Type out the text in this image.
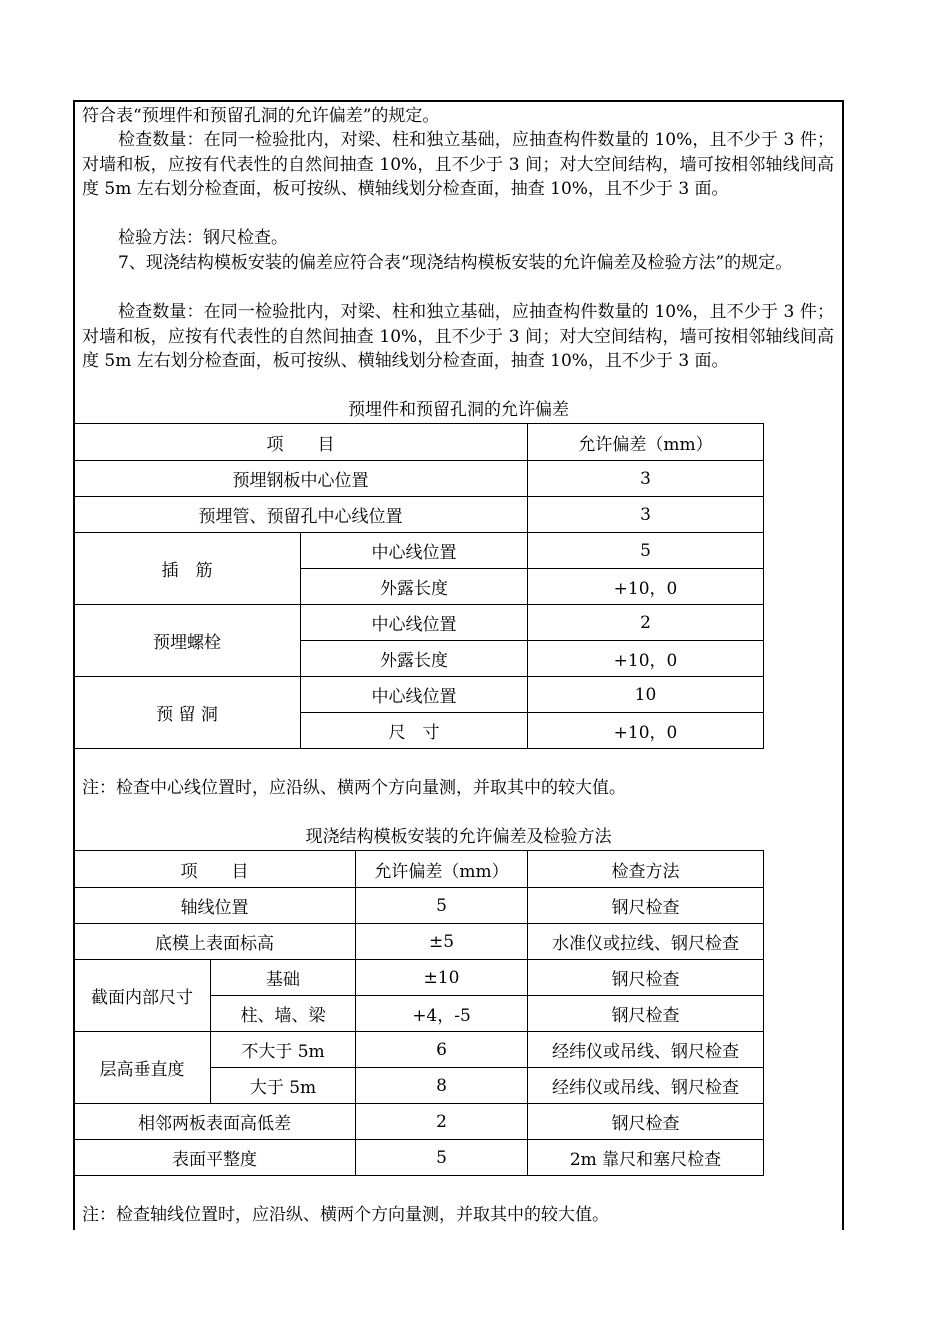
符合表“预埋件和预留孔洞的允许偏差”的规定。

检查数量：在同一检验批内，对梁、柱和独立基础，应抽查构件数量的 10%，且不少于 3 件；对墙和板，应按有代表性的自然间抽查 10%，且不少于 3 间；对大空间结构，墙可按相邻轴线间高度 5m 左右划分检查面，板可按纵、横轴线划分检查面，抽查 10%，且不少于 3 面。

检验方法：钢尺检查。

7、现浇结构模板安装的偏差应符合表“现浇结构模板安装的允许偏差及检验方法”的规定。

检查数量：在同一检验批内，对梁、柱和独立基础，应抽查构件数量的 10%，且不少于 3 件；对墙和板，应按有代表性的自然间抽查 10%，且不少于 3 间；对大空间结构，墙可按相邻轴线间高度 5m 左右划分检查面，板可按纵、横轴线划分检查面，抽查 10%，且不少于 3 面。

预埋件和预留孔洞的允许偏差
项　　目		允许偏差（mm）
预埋钢板中心位置		3
预埋管、预留孔中心线位置		3
插　筋	中心线位置	5
	外露长度	+10，0
预埋螺栓	中心线位置	2
	外露长度	+10，0
预 留 洞	中心线位置	10
	尺　寸	+10，0
注：检查中心线位置时，应沿纵、横两个方向量测，并取其中的较大值。
现浇结构模板安装的允许偏差及检验方法
项　　目		允许偏差（mm）	检查方法
轴线位置		5	钢尺检查
底模上表面标高		±5	水准仪或拉线、钢尺检查
截面内部尺寸	基础	±10	钢尺检查
	柱、墙、梁	+4，-5	钢尺检查
层高垂直度	不大于 5m	6	经纬仪或吊线、钢尺检查
	大于 5m	8	经纬仪或吊线、钢尺检查
相邻两板表面高低差		2	钢尺检查
表面平整度		5	2m 靠尺和塞尺检查
注：检查轴线位置时，应沿纵、横两个方向量测，并取其中的较大值。
